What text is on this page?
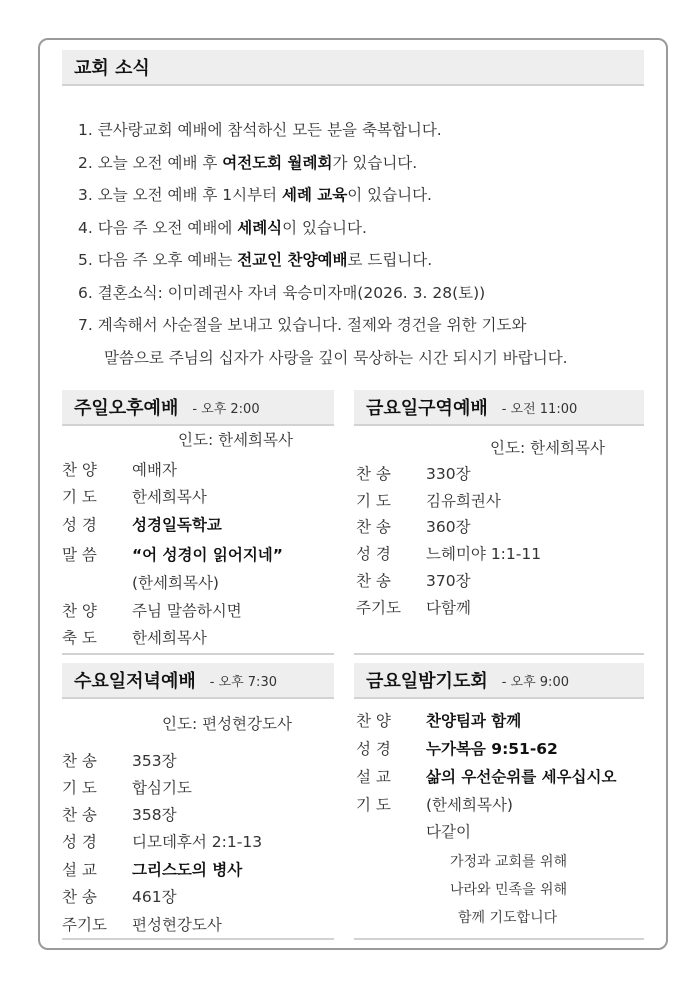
교회 소식
1. 큰사랑교회 예배에 참석하신 모든 분을 축복합니다.
2. 오늘 오전 예배 후 여전도회 월례회가 있습니다.
3. 오늘 오전 예배 후 1시부터 세례 교육이 있습니다.
4. 다음 주 오전 예배에 세례식이 있습니다.
5. 다음 주 오후 예배는 전교인 찬양예배로 드립니다.
6. 결혼소식: 이미례권사 자녀 육승미자매(2026. 3. 28(토))
7. 계속해서 사순절을 보내고 있습니다. 절제와 경건을 위한 기도와
말씀으로 주님의 십자가 사랑을 깊이 묵상하는 시간 되시기 바랍니다.
주일오후예배 - 오후 2:00
인도: 한세희목사
찬 양	예배자
기 도	한세희목사
성 경	성경일독학교
말 씀	“어 성경이 읽어지네”
(한세희목사)
찬 양	주님 말씀하시면
축 도	한세희목사
금요일구역예배 - 오전 11:00
인도: 한세희목사
찬 송	330장
기 도	김유희권사
찬 송	360장
성 경	느헤미야 1:1-11
찬 송	370장
주기도	다함께
수요일저녁예배 - 오후 7:30
인도: 편성현강도사
찬 송	353장
기 도	합심기도
찬 송	358장
성 경	디모데후서 2:1-13
설 교	그리스도의 병사
찬 송	461장
주기도	편성현강도사
금요일밤기도회 - 오후 9:00
찬 양	찬양팀과 함께
성 경	누가복음 9:51-62
설 교	삶의 우선순위를 세우십시오
기 도	(한세희목사)
다같이
가정과 교회를 위해
나라와 민족을 위해
함께 기도합니다
